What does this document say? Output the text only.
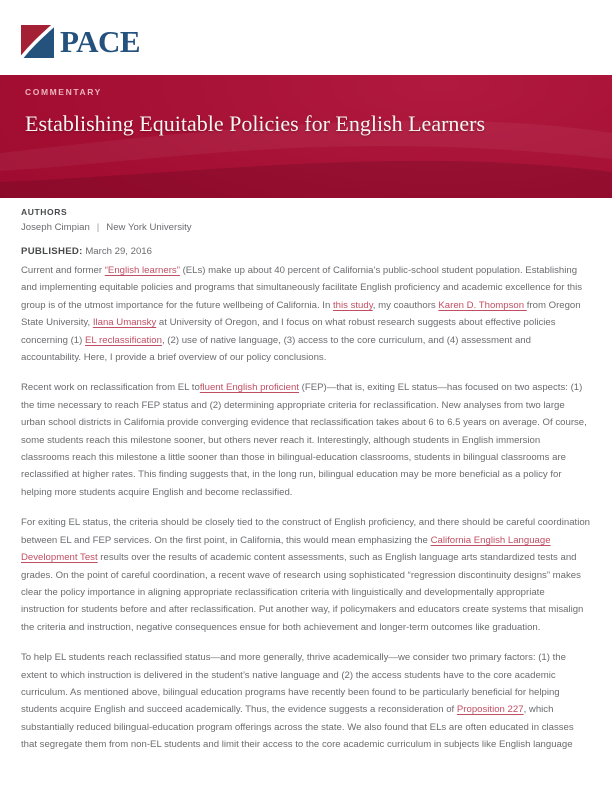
PACE
COMMENTARY
Establishing Equitable Policies for English Learners
AUTHORS
Joseph Cimpian | New York University
PUBLISHED: March 29, 2016

Current and former “English learners” (ELs) make up about 40 percent of California’s public-school student population. Establishing and implementing equitable policies and programs that simultaneously facilitate English proficiency and academic excellence for this group is of the utmost importance for the future wellbeing of California. In this study, my coauthors Karen D. Thompson from Oregon State University, Ilana Umansky at University of Oregon, and I focus on what robust research suggests about effective policies concerning (1) EL reclassification, (2) use of native language, (3) access to the core curriculum, and (4) assessment and accountability. Here, I provide a brief overview of our policy conclusions.

Recent work on reclassification from EL tofluent English proficient (FEP)—that is, exiting EL status—has focused on two aspects: (1) the time necessary to reach FEP status and (2) determining appropriate criteria for reclassification. New analyses from two large urban school districts in California provide converging evidence that reclassification takes about 6 to 6.5 years on average. Of course, some students reach this milestone sooner, but others never reach it. Interestingly, although students in English immersion classrooms reach this milestone a little sooner than those in bilingual-education classrooms, students in bilingual classrooms are reclassified at higher rates. This finding suggests that, in the long run, bilingual education may be more beneficial as a policy for helping more students acquire English and become reclassified.

For exiting EL status, the criteria should be closely tied to the construct of English proficiency, and there should be careful coordination between EL and FEP services. On the first point, in California, this would mean emphasizing the California English Language Development Test results over the results of academic content assessments, such as English language arts standardized tests and grades. On the point of careful coordination, a recent wave of research using sophisticated “regression discontinuity designs” makes clear the policy importance in aligning appropriate reclassification criteria with linguistically and developmentally appropriate instruction for students before and after reclassification. Put another way, if policymakers and educators create systems that misalign the criteria and instruction, negative consequences ensue for both achievement and longer-term outcomes like graduation.

To help EL students reach reclassified status—and more generally, thrive academically—we consider two primary factors: (1) the extent to which instruction is delivered in the student’s native language and (2) the access students have to the core academic curriculum. As mentioned above, bilingual education programs have recently been found to be particularly beneficial for helping students acquire English and succeed academically. Thus, the evidence suggests a reconsideration of Proposition 227, which substantially reduced bilingual-education program offerings across the state. We also found that ELs are often educated in classes that segregate them from non-EL students and limit their access to the core academic curriculum in subjects like English language
